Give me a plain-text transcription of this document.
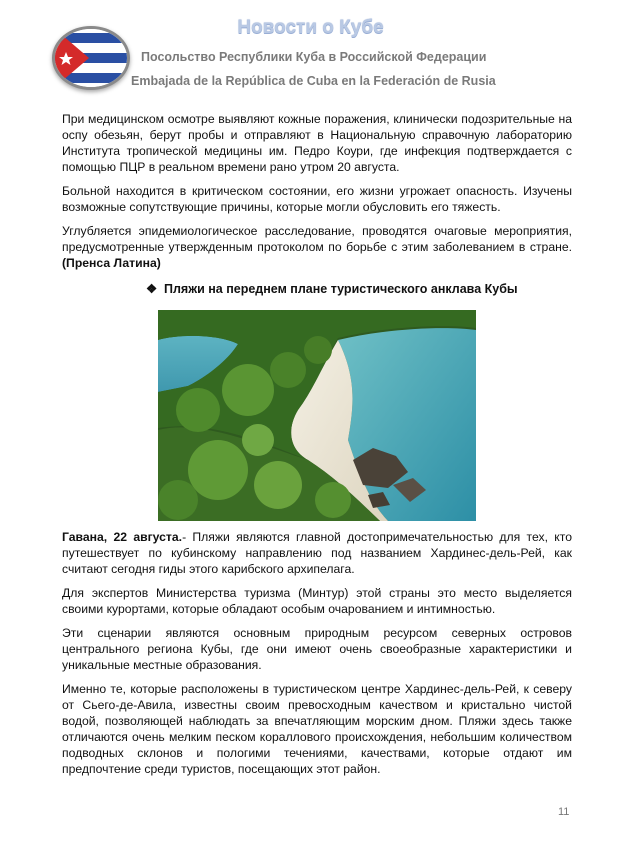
Новости о Кубе
Посольство Республики Куба в Российской Федерации
Embajada de la República de Cuba en la Federación de Rusia

При медицинском осмотре выявляют кожные поражения, клинически подозрительные на оспу обезьян, берут пробы и отправляют в Национальную справочную лабораторию Института тропической медицины им. Педро Коури, где инфекция подтверждается с помощью ПЦР в реальном времени рано утром 20 августа.

Больной находится в критическом состоянии, его жизни угрожает опасность. Изучены возможные сопутствующие причины, которые могли обусловить его тяжесть.

Углубляется эпидемиологическое расследование, проводятся очаговые мероприятия, предусмотренные утвержденным протоколом по борьбе с этим заболеванием в стране. (Пренса Латина)

❖ Пляжи на переднем плане туристического анклава Кубы

Гавана, 22 августа.- Пляжи являются главной достопримечательностью для тех, кто путешествует по кубинскому направлению под названием Хардинес-дель-Рей, как считают сегодня гиды этого карибского архипелага.

Для экспертов Министерства туризма (Минтур) этой страны это место выделяется своими курортами, которые обладают особым очарованием и интимностью.

Эти сценарии являются основным природным ресурсом северных островов центрального региона Кубы, где они имеют очень своеобразные характеристики и уникальные местные образования.

Именно те, которые расположены в туристическом центре Хардинес-дель-Рей, к северу от Сьего-де-Авила, известны своим превосходным качеством и кристально чистой водой, позволяющей наблюдать за впечатляющим морским дном. Пляжи здесь также отличаются очень мелким песком кораллового происхождения, небольшим количеством подводных склонов и пологими течениями, качествами, которые отдают им предпочтение среди туристов, посещающих этот район.

11
